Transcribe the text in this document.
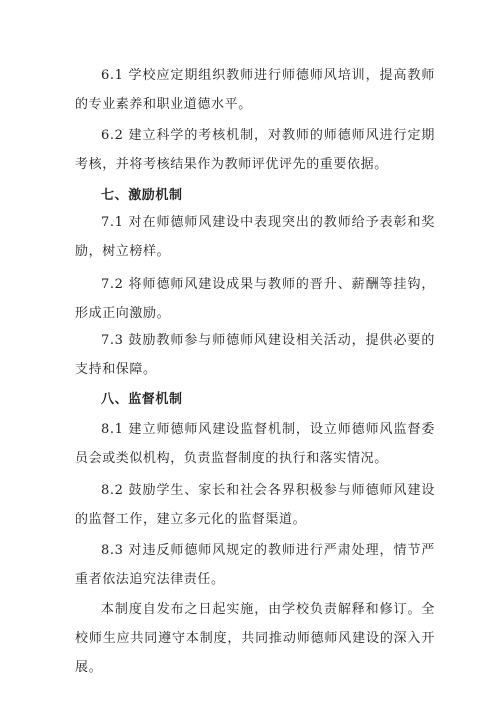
6.1 学校应定期组织教师进行师德师风培训，提高教师的专业素养和职业道德水平。

6.2 建立科学的考核机制，对教师的师德师风进行定期考核，并将考核结果作为教师评优评先的重要依据。

七、激励机制

7.1 对在师德师风建设中表现突出的教师给予表彰和奖励，树立榜样。

7.2 将师德师风建设成果与教师的晋升、薪酬等挂钩，形成正向激励。

7.3 鼓励教师参与师德师风建设相关活动，提供必要的支持和保障。

八、监督机制

8.1 建立师德师风建设监督机制，设立师德师风监督委员会或类似机构，负责监督制度的执行和落实情况。

8.2 鼓励学生、家长和社会各界积极参与师德师风建设的监督工作，建立多元化的监督渠道。

8.3 对违反师德师风规定的教师进行严肃处理，情节严重者依法追究法律责任。

本制度自发布之日起实施，由学校负责解释和修订。全校师生应共同遵守本制度，共同推动师德师风建设的深入开展。
